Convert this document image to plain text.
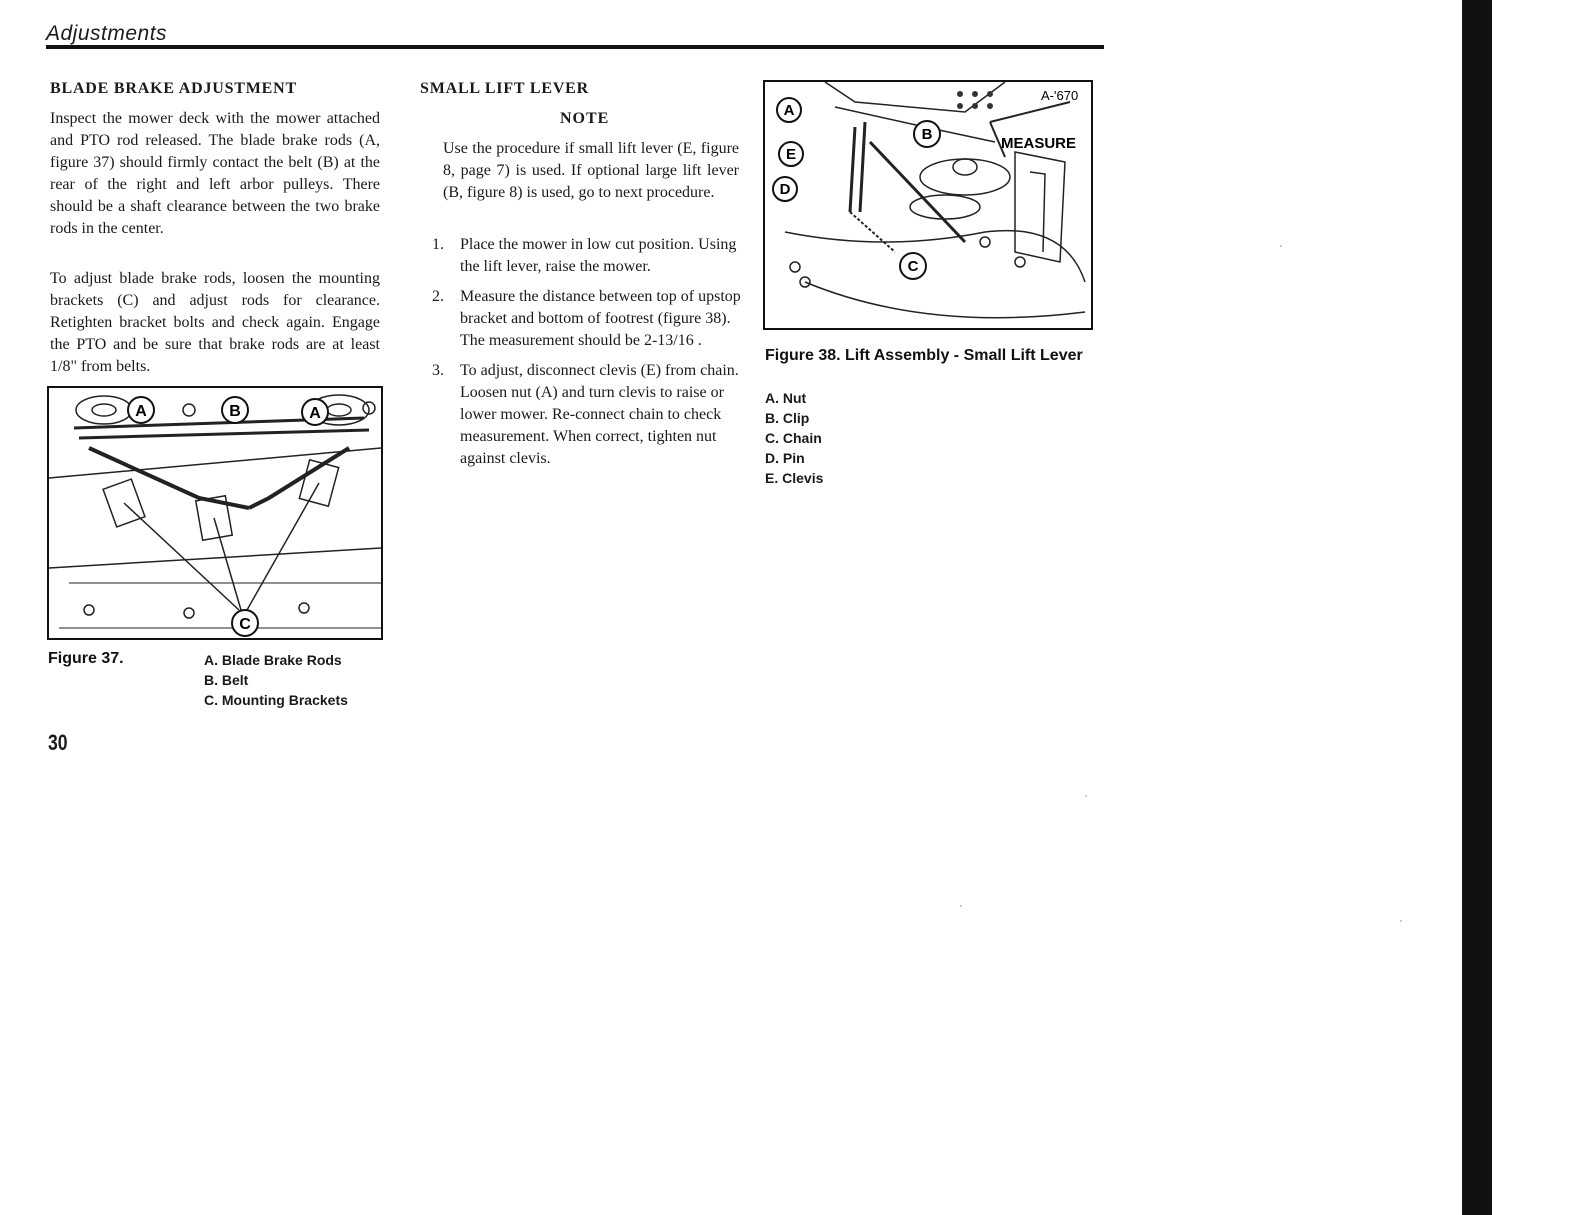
Adjustments
BLADE BRAKE ADJUSTMENT

Inspect the mower deck with the mower attached and PTO rod released. The blade brake rods (A, figure 37) should firmly contact the belt (B) at the rear of the right and left arbor pulleys. There should be a shaft clearance between the two brake rods in the center.

To adjust blade brake rods, loosen the mounting brackets (C) and adjust rods for clearance. Retighten bracket bolts and check again. Engage the PTO and be sure that brake rods are at least 1/8" from belts.

A	B	A
C
Figure 37.	A. Blade Brake Rods
B. Belt
C. Mounting Brackets
SMALL LIFT LEVER
NOTE

Use the procedure if small lift lever (E, figure 8, page 7) is used. If optional large lift lever (B, figure 8) is used, go to next procedure.

1. Place the mower in low cut position. Using the lift lever, raise the mower.
2. Measure the distance between top of upstop bracket and bottom of footrest (figure 38). The measurement should be 2-13/16 .
3. To adjust, disconnect clevis (E) from chain. Loosen nut (A) and turn clevis to raise or lower mower. Re-connect chain to check measurement. When correct, tighten nut against clevis.
A-'670
MEASURE
A
E
D
B
C
Figure 38. Lift Assembly - Small Lift Lever
A. Nut
B. Clip
C. Chain
D. Pin
E. Clevis
30
